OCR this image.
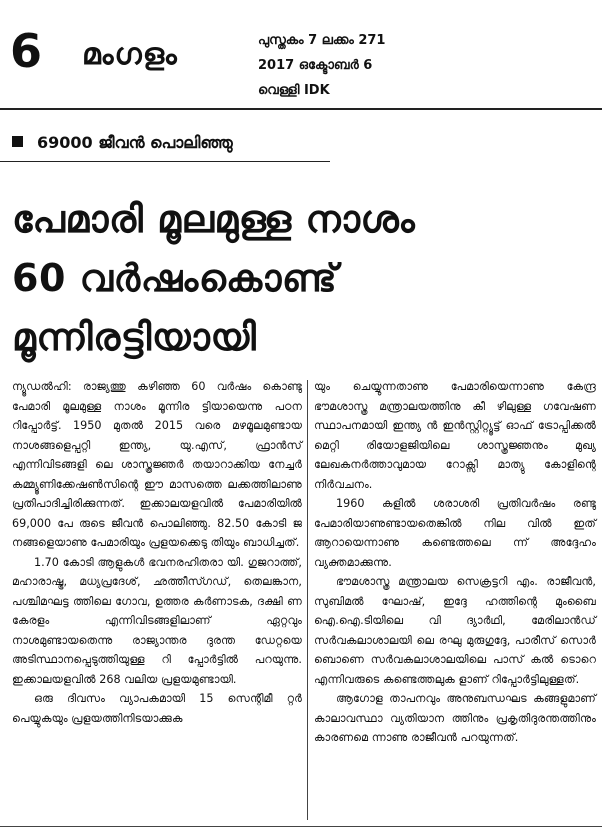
6 മംഗളം	പുസ്തകം 7 ലക്കം 271
2017 ഒക്ടോബർ 6
വെള്ളി IDK
69000 ജീവൻ പൊലിഞ്ഞു
പേമാരി മൂലമുള്ള നാശം
60 വർഷംകൊണ്ട്
മൂന്നിരട്ടിയായി

ന്യൂഡൽഹി: രാജ്യത്തു കഴിഞ്ഞ 60 വർഷം കൊണ്ടു പേമാരി മൂലമുള്ള നാശം മൂന്നിര ട്ടിയായെന്നു പഠന റിപ്പോർട്ട്. 1950 മുതൽ 2015 വരെ മഴമൂലമുണ്ടായ നാശങ്ങളെപ്പറ്റി ഇന്ത്യ, യു.എസ്, ഫ്രാൻസ് എന്നിവിടങ്ങളി ലെ ശാസ്ത്രജ്ഞർ തയാറാക്കിയ നേച്ചർ കമ്മ്യൂണിക്കേഷൺസിന്റെ ഈ മാസത്തെ ലക്കത്തിലാണു പ്രതിപാദിച്ചിരിക്കുന്നത്. ഇക്കാലയളവിൽ പേമാരിയിൽ 69,000 പേ രുടെ ജീവൻ പൊലിഞ്ഞു. 82.50 കോടി ജ നങ്ങളെയാണു പേമാരിയും പ്രളയക്കെടു തിയും ബാധിച്ചത്.

1.70 കോടി ആളുകൾ ഭവനരഹിതരാ യി. ഗുജറാത്ത്, മഹാരാഷ്ട്ര, മധ്യപ്രദേശ്, ഛത്തീസ്ഗഡ്, തെലങ്കാന, പശ്ചിമഘട്ട ത്തിലെ ഗോവ, ഉത്തര കർണാടക, ദക്ഷി ണ കേരളം എന്നിവിടങ്ങളിലാണ് ഏറ്റവും നാശമുണ്ടായതെന്നു രാജ്യാന്തര ദുരന്ത ഡേറ്റയെ അടിസ്ഥാനപ്പെടുത്തിയുള്ള റി പ്പോർട്ടിൽ പറയുന്നു. ഇക്കാലയളവിൽ 268 വലിയ പ്രളയമുണ്ടായി.

ഒരു ദിവസം വ്യാപകമായി 15 സെന്റിമീ റ്റർ പെയ്യുകയും പ്രളയത്തിനിടയാക്കുക

യും ചെയ്യുന്നതാണു പേമാരിയെന്നാണു കേന്ദ്ര ഭൗമശാസ്ത്ര മന്ത്രാലയത്തിനു കീ ഴിലുള്ള ഗവേഷണ സ്ഥാപനമായി ഇന്ത്യ ൻ ഇൻസ്റ്റിറ്റ്യൂട്ട് ഓഫ് ട്രോപ്പിക്കൽ മെറ്റി രിയോളജിയിലെ ശാസ്ത്രജ്ഞനും മുഖ്യ ലേഖകനർത്താവുമായ റോക്സി മാത്യു കോളിന്റെ നിർവചനം.

1960 കളിൽ ശരാശരി പ്രതിവർഷം രണ്ടു പേമാരിയാണുണ്ടായതെങ്കിൽ നില വിൽ ഇത് ആറായെന്നാണു കണ്ടെത്തലെ ന്ന് അദ്ദേഹം വ്യക്തമാക്കുന്നു.

ഭൗമശാസ്ത്ര മന്ത്രാലയ സെക്രട്ടറി എം. രാജീവൻ, സുബിമൽ ഘോഷ്, ഇദ്ദേ ഹത്തിന്റെ മുംബൈ ഐ.ഐ.ടിയിലെ വി ദ്യാർഥി, മേരിലാൻഡ് സർവകലാശാലയി ലെ രഘു മുരുഗുദ്ദേ, പാരീസ് സൊർ ബൊണെ സർവകലാശാലയിലെ പാസ് കൽ ടൊറെ എന്നിവരുടെ കണ്ടെത്തലുക ളാണ് റിപ്പോർട്ടിലുള്ളത്.

ആഗോള താപനവും അനുബന്ധഘട കങ്ങളുമാണ് കാലാവസ്ഥാ വ്യതിയാന ത്തിനും പ്രകൃതിദുരന്തത്തിനും കാരണമെ ന്നാണു രാജീവൻ പറയുന്നത്.
